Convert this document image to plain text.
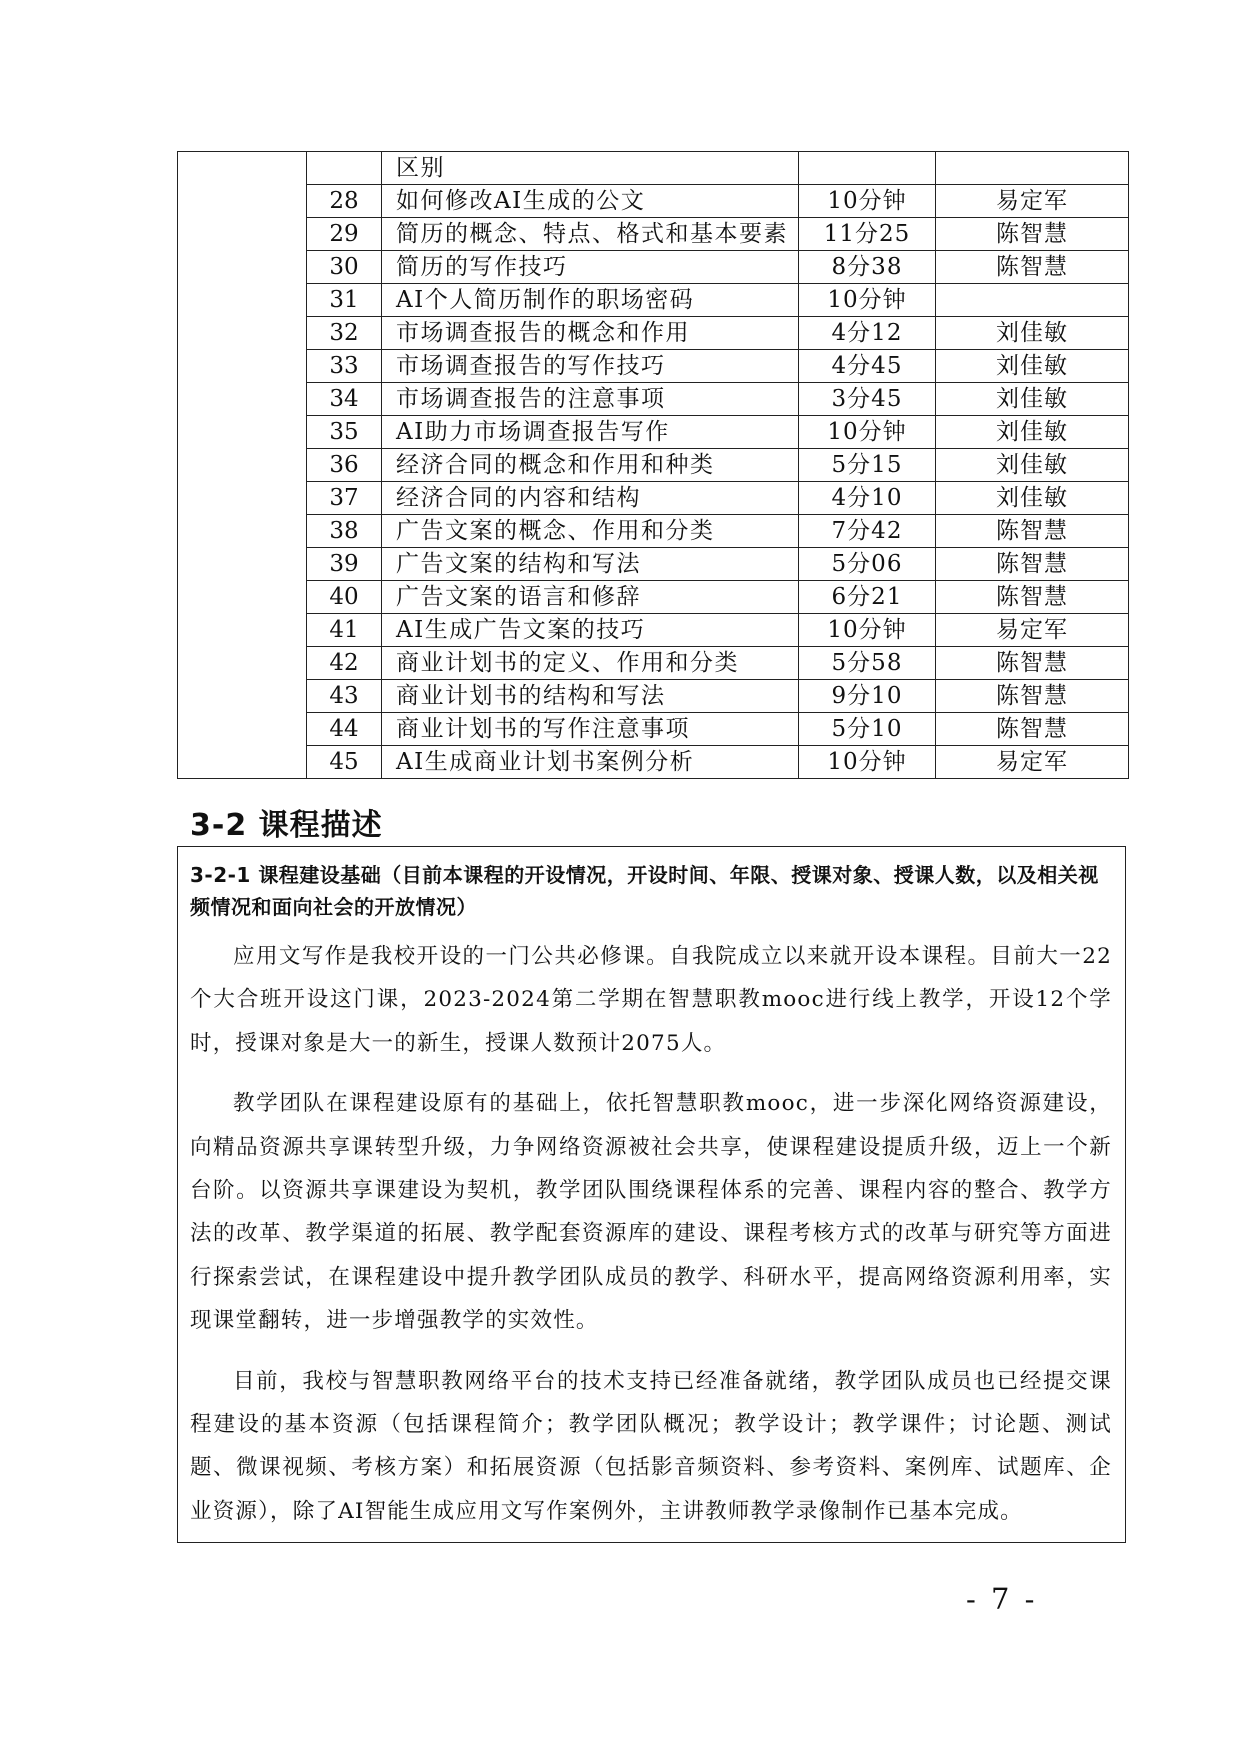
		区别		
	28	如何修改AI生成的公文	10分钟	易定军
	29	简历的概念、特点、格式和基本要素	11分25	陈智慧
	30	简历的写作技巧	8分38	陈智慧
	31	AI个人简历制作的职场密码	10分钟	
	32	市场调查报告的概念和作用	4分12	刘佳敏
	33	市场调查报告的写作技巧	4分45	刘佳敏
	34	市场调查报告的注意事项	3分45	刘佳敏
	35	AI助力市场调查报告写作	10分钟	刘佳敏
	36	经济合同的概念和作用和种类	5分15	刘佳敏
	37	经济合同的内容和结构	4分10	刘佳敏
	38	广告文案的概念、作用和分类	7分42	陈智慧
	39	广告文案的结构和写法	5分06	陈智慧
	40	广告文案的语言和修辞	6分21	陈智慧
	41	AI生成广告文案的技巧	10分钟	易定军
	42	商业计划书的定义、作用和分类	5分58	陈智慧
	43	商业计划书的结构和写法	9分10	陈智慧
	44	商业计划书的写作注意事项	5分10	陈智慧
	45	AI生成商业计划书案例分析	10分钟	易定军
3-2 课程描述
3-2-1 课程建设基础（目前本课程的开设情况，开设时间、年限、授课对象、授课人数，以及相关视频情况和面向社会的开放情况）

应用文写作是我校开设的一门公共必修课。自我院成立以来就开设本课程。目前大一22个大合班开设这门课，2023-2024第二学期在智慧职教mooc进行线上教学，开设12个学时，授课对象是大一的新生，授课人数预计2075人。

教学团队在课程建设原有的基础上，依托智慧职教mooc，进一步深化网络资源建设，向精品资源共享课转型升级，力争网络资源被社会共享，使课程建设提质升级，迈上一个新台阶。以资源共享课建设为契机，教学团队围绕课程体系的完善、课程内容的整合、教学方法的改革、教学渠道的拓展、教学配套资源库的建设、课程考核方式的改革与研究等方面进行探索尝试，在课程建设中提升教学团队成员的教学、科研水平，提高网络资源利用率，实现课堂翻转，进一步增强教学的实效性。

目前，我校与智慧职教网络平台的技术支持已经准备就绪，教学团队成员也已经提交课程建设的基本资源（包括课程简介；教学团队概况；教学设计；教学课件；讨论题、测试题、微课视频、考核方案）和拓展资源（包括影音频资料、参考资料、案例库、试题库、企业资源），除了AI智能生成应用文写作案例外，主讲教师教学录像制作已基本完成。

- 7 -
